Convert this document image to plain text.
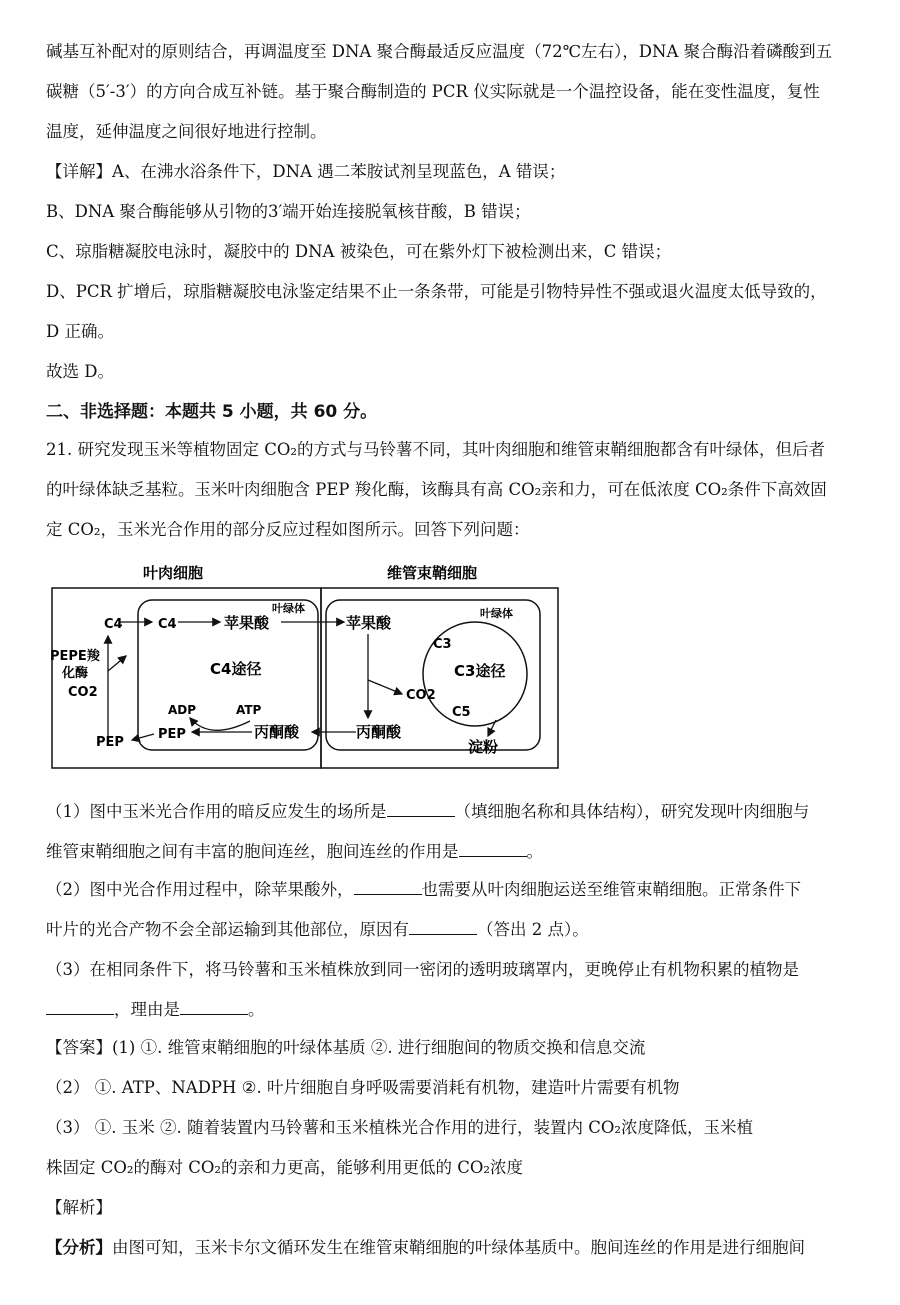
碱基互补配对的原则结合，再调温度至 DNA 聚合酶最适反应温度（72℃左右），DNA 聚合酶沿着磷酸到五
碳糖（5′-3′）的方向合成互补链。基于聚合酶制造的 PCR 仪实际就是一个温控设备，能在变性温度，复性
温度，延伸温度之间很好地进行控制。
【详解】A、在沸水浴条件下，DNA 遇二苯胺试剂呈现蓝色，A 错误；
B、DNA 聚合酶能够从引物的3′端开始连接脱氧核苷酸，B 错误；
C、琼脂糖凝胶电泳时，凝胶中的 DNA 被染色，可在紫外灯下被检测出来，C 错误；
D、PCR 扩增后，琼脂糖凝胶电泳鉴定结果不止一条条带，可能是引物特异性不强或退火温度太低导致的，
D 正确。
故选 D。
二、非选择题：本题共 5 小题，共 60 分。
21. 研究发现玉米等植物固定 CO₂的方式与马铃薯不同，其叶肉细胞和维管束鞘细胞都含有叶绿体，但后者
的叶绿体缺乏基粒。玉米叶肉细胞含 PEP 羧化酶，该酶具有高 CO₂亲和力，可在低浓度 CO₂条件下高效固
定 CO₂，玉米光合作用的部分反应过程如图所示。回答下列问题：
叶肉细胞	维管束鞘细胞
叶绿体	叶绿体
C4	C4	苹果酸
C4途径
PEPE羧
化酶
CO2
ADP	ATP
PEP
PEP	丙酮酸
苹果酸
丙酮酸
C3
C3途径
CO2
C5
淀粉
（1）图中玉米光合作用的暗反应发生的场所是	（填细胞名称和具体结构），研究发现叶肉细胞与
维管束鞘细胞之间有丰富的胞间连丝，胞间连丝的作用是	。
（2）图中光合作用过程中，除苹果酸外，	也需要从叶肉细胞运送至维管束鞘细胞。正常条件下
叶片的光合产物不会全部运输到其他部位，原因有	（答出 2 点）。
（3）在相同条件下，将马铃薯和玉米植株放到同一密闭的透明玻璃罩内，更晚停止有机物积累的植物是
，理由是	。
【答案】(1) ①. 维管束鞘细胞的叶绿体基质 ②. 进行细胞间的物质交换和信息交流
（2） ①. ATP、NADPH ②. 叶片细胞自身呼吸需要消耗有机物，建造叶片需要有机物
（3） ①. 玉米 ②. 随着装置内马铃薯和玉米植株光合作用的进行，装置内 CO₂浓度降低，玉米植
株固定 CO₂的酶对 CO₂的亲和力更高，能够利用更低的 CO₂浓度
【解析】
【分析】由图可知，玉米卡尔文循环发生在维管束鞘细胞的叶绿体基质中。胞间连丝的作用是进行细胞间
